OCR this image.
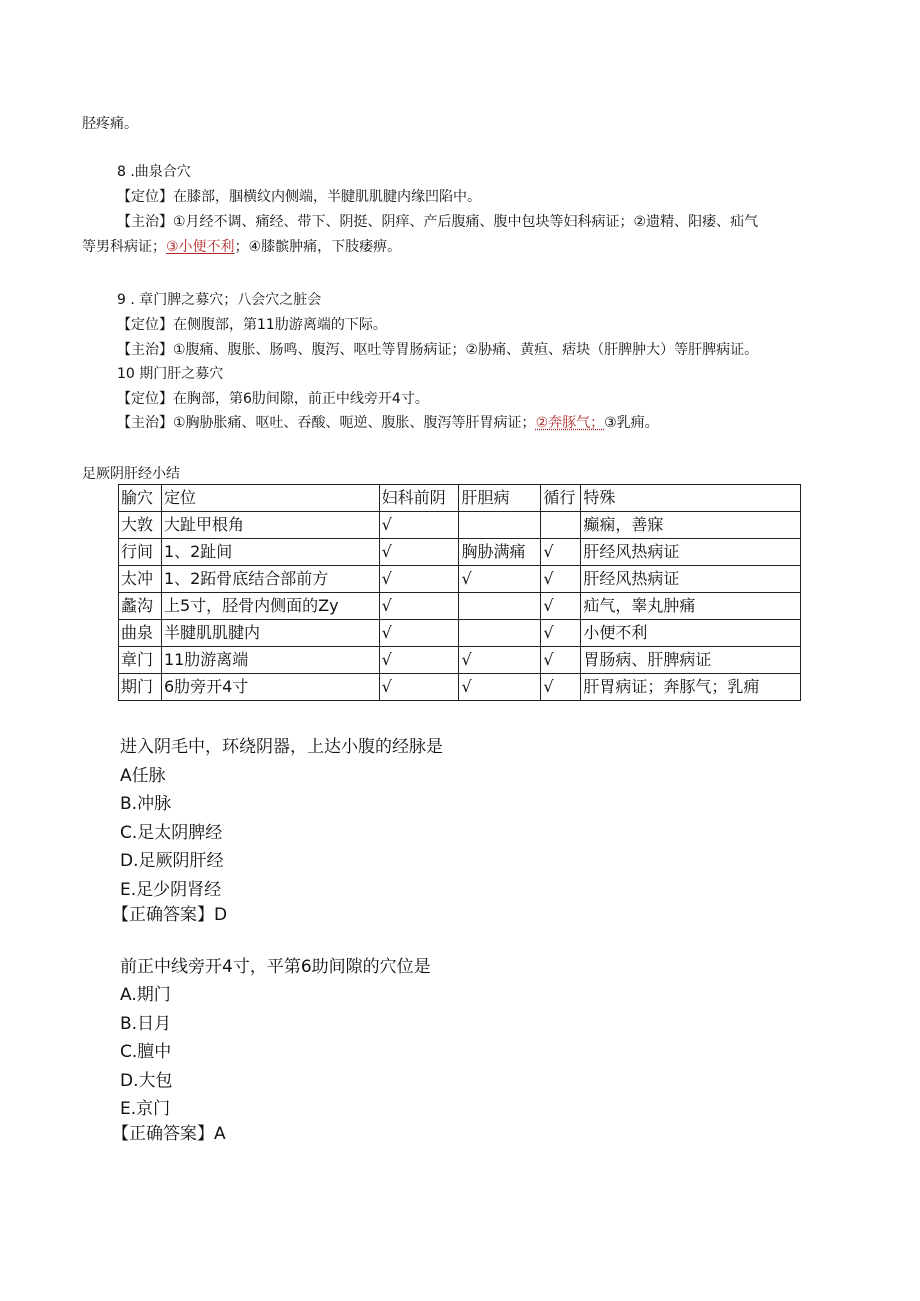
胫疼痛。
8 .曲泉合穴
【定位】在膝部，腘横纹内侧端，半腱肌肌腱内缘凹陷中。
【主治】①月经不调、痛经、带下、阴挺、阴痒、产后腹痛、腹中包块等妇科病证；②遗精、阳痿、疝气
等男科病证；③小便不利；④膝髌肿痛，下肢痿痹。
9 . 章门脾之募穴；八会穴之脏会
【定位】在侧腹部，第11肋游离端的下际。
【主治】①腹痛、腹胀、肠鸣、腹泻、呕吐等胃肠病证；②胁痛、黄疸、痞块（肝脾肿大）等肝脾病证。
10 期门肝之募穴
【定位】在胸部，第6肋间隙，前正中线旁开4寸。
【主治】①胸胁胀痛、呕吐、吞酸、呃逆、腹胀、腹泻等肝胃病证；②奔豚气；③乳痈。
足厥阴肝经小结
腧穴	定位	妇科前阴	肝胆病	循行	特殊
大敦	大趾甲根角	√			癫痫，善寐
行间	1、2趾间	√	胸胁满痛	√	肝经风热病证
太冲	1、2跖骨底结合部前方	√	√	√	肝经风热病证
蠡沟	上5寸，胫骨内侧面的Zy	√		√	疝气，睾丸肿痛
曲泉	半腱肌肌腱内	√		√	小便不利
章门	11肋游离端	√	√	√	胃肠病、肝脾病证
期门	6肋旁开4寸	√	√	√	肝胃病证；奔豚气；乳痈
进入阴毛中，环绕阴器，上达小腹的经脉是
A任脉
B.冲脉
C.足太阴脾经
D.足厥阴肝经
E.足少阴肾经
【正确答案】D
前正中线旁开4寸，平第6助间隙的穴位是
A.期门
B.日月
C.膻中
D.大包
E.京门
【正确答案】A
